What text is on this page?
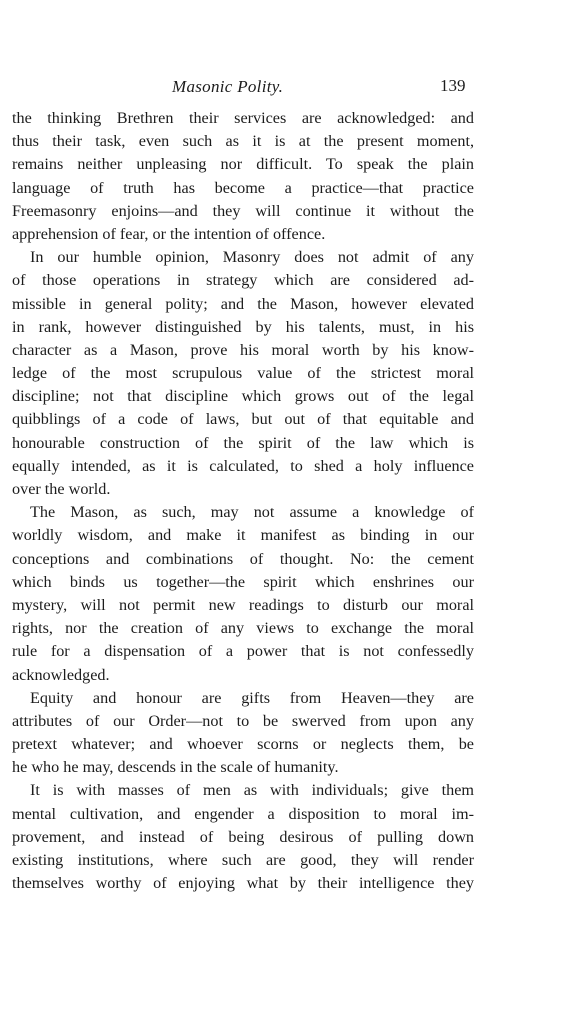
Masonic Polity.	139
the thinking Brethren their services are acknowledged: and
thus their task, even such as it is at the present moment,
remains neither unpleasing nor difficult. To speak the plain
language of truth has become a practice—that practice
Freemasonry enjoins—and they will continue it without the
apprehension of fear, or the intention of offence.
In our humble opinion, Masonry does not admit of any
of those operations in strategy which are considered ad-
missible in general polity; and the Mason, however elevated
in rank, however distinguished by his talents, must, in his
character as a Mason, prove his moral worth by his know-
ledge of the most scrupulous value of the strictest moral
discipline; not that discipline which grows out of the legal
quibblings of a code of laws, but out of that equitable and
honourable construction of the spirit of the law which is
equally intended, as it is calculated, to shed a holy influence
over the world.
The Mason, as such, may not assume a knowledge of
worldly wisdom, and make it manifest as binding in our
conceptions and combinations of thought. No: the cement
which binds us together—the spirit which enshrines our
mystery, will not permit new readings to disturb our moral
rights, nor the creation of any views to exchange the moral
rule for a dispensation of a power that is not confessedly
acknowledged.
Equity and honour are gifts from Heaven—they are
attributes of our Order—not to be swerved from upon any
pretext whatever; and whoever scorns or neglects them, be
he who he may, descends in the scale of humanity.
It is with masses of men as with individuals; give them
mental cultivation, and engender a disposition to moral im-
provement, and instead of being desirous of pulling down
existing institutions, where such are good, they will render
themselves worthy of enjoying what by their intelligence they
